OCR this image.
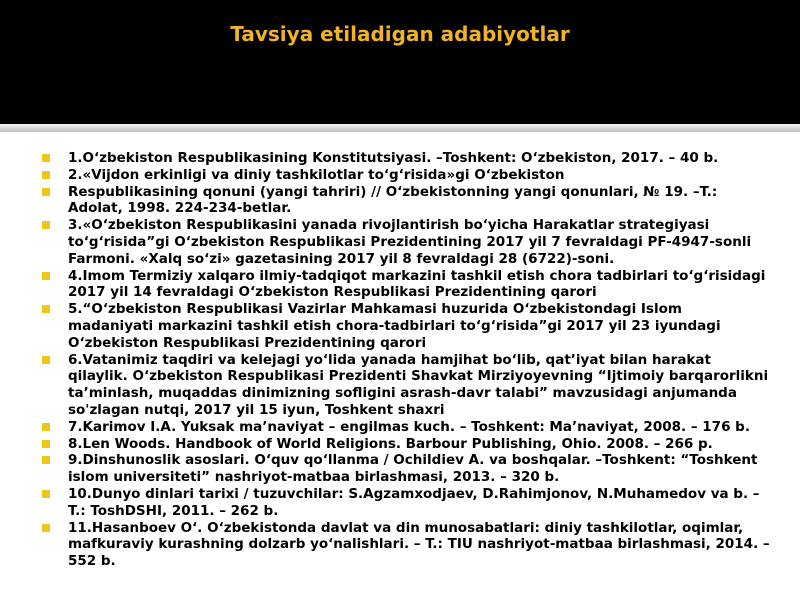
Tavsiya etiladigan adabiyotlar
1.O‘zbekiston Respublikasining Konstitutsiyasi. –Toshkent: O‘zbekiston, 2017. – 40 b.
2.«Vijdon erkinligi va diniy tashkilotlar to‘g‘risida»gi O‘zbekiston
Respublikasining qonuni (yangi tahriri) // O‘zbekistonning yangi qonunlari, № 19. –T.: Adolat, 1998. 224-234-betlar.
3.«O‘zbekiston Respublikasini yanada rivojlantirish bo‘yicha Harakatlar strategiyasi to‘g‘risida”gi O‘zbekiston Respublikasi Prezidentining 2017 yil 7 fevraldagi PF-4947-sonli Farmoni. «Xalq so‘zi» gazetasining 2017 yil 8 fevraldagi 28 (6722)-soni.
4.Imom Termiziy xalqaro ilmiy-tadqiqot markazini tashkil etish chora tadbirlari to‘g‘risidagi 2017 yil 14 fevraldagi O‘zbekiston Respublikasi Prezidentining qarori
5.“O‘zbekiston Respublikasi Vazirlar Mahkamasi huzurida O‘zbekistondagi Islom madaniyati markazini tashkil etish chora-tadbirlari to‘g‘risida”gi 2017 yil 23 iyundagi O‘zbekiston Respublikasi Prezidentining qarori
6.Vatanimiz taqdiri va kelejagi yo‘lida yanada hamjihat bo‘lib, qat’iyat bilan harakat qilaylik. O‘zbekiston Respublikasi Prezidenti Shavkat Mirziyoyevning “Ijtimoiy barqarorlikni ta’minlash, muqaddas dinimizning sofligini asrash-davr talabi” mavzusidagi anjumanda so'zlagan nutqi, 2017 yil 15 iyun, Toshkent shaxri
7.Karimov I.A. Yuksak ma’naviyat – engilmas kuch. – Toshkent: Ma’naviyat, 2008. – 176 b.
8.Len Woods. Handbook of World Religions. Barbour Publishing, Ohio. 2008. – 266 p.
9.Dinshunoslik asoslari. O‘quv qo‘llanma / Ochildiev A. va boshqalar. –Toshkent: “Toshkent islom universiteti” nashriyot-matbaa birlashmasi, 2013. – 320 b.
10.Dunyo dinlari tarixi / tuzuvchilar: S.Agzamxodjaev, D.Rahimjonov, N.Muhamedov va b. – T.: ToshDSHI, 2011. – 262 b.
11.Hasanboev O‘. O‘zbekistonda davlat va din munosabatlari: diniy tashkilotlar, oqimlar, mafkuraviy kurashning dolzarb yo‘nalishlari. – T.: TIU nashriyot-matbaa birlashmasi, 2014. – 552 b.
